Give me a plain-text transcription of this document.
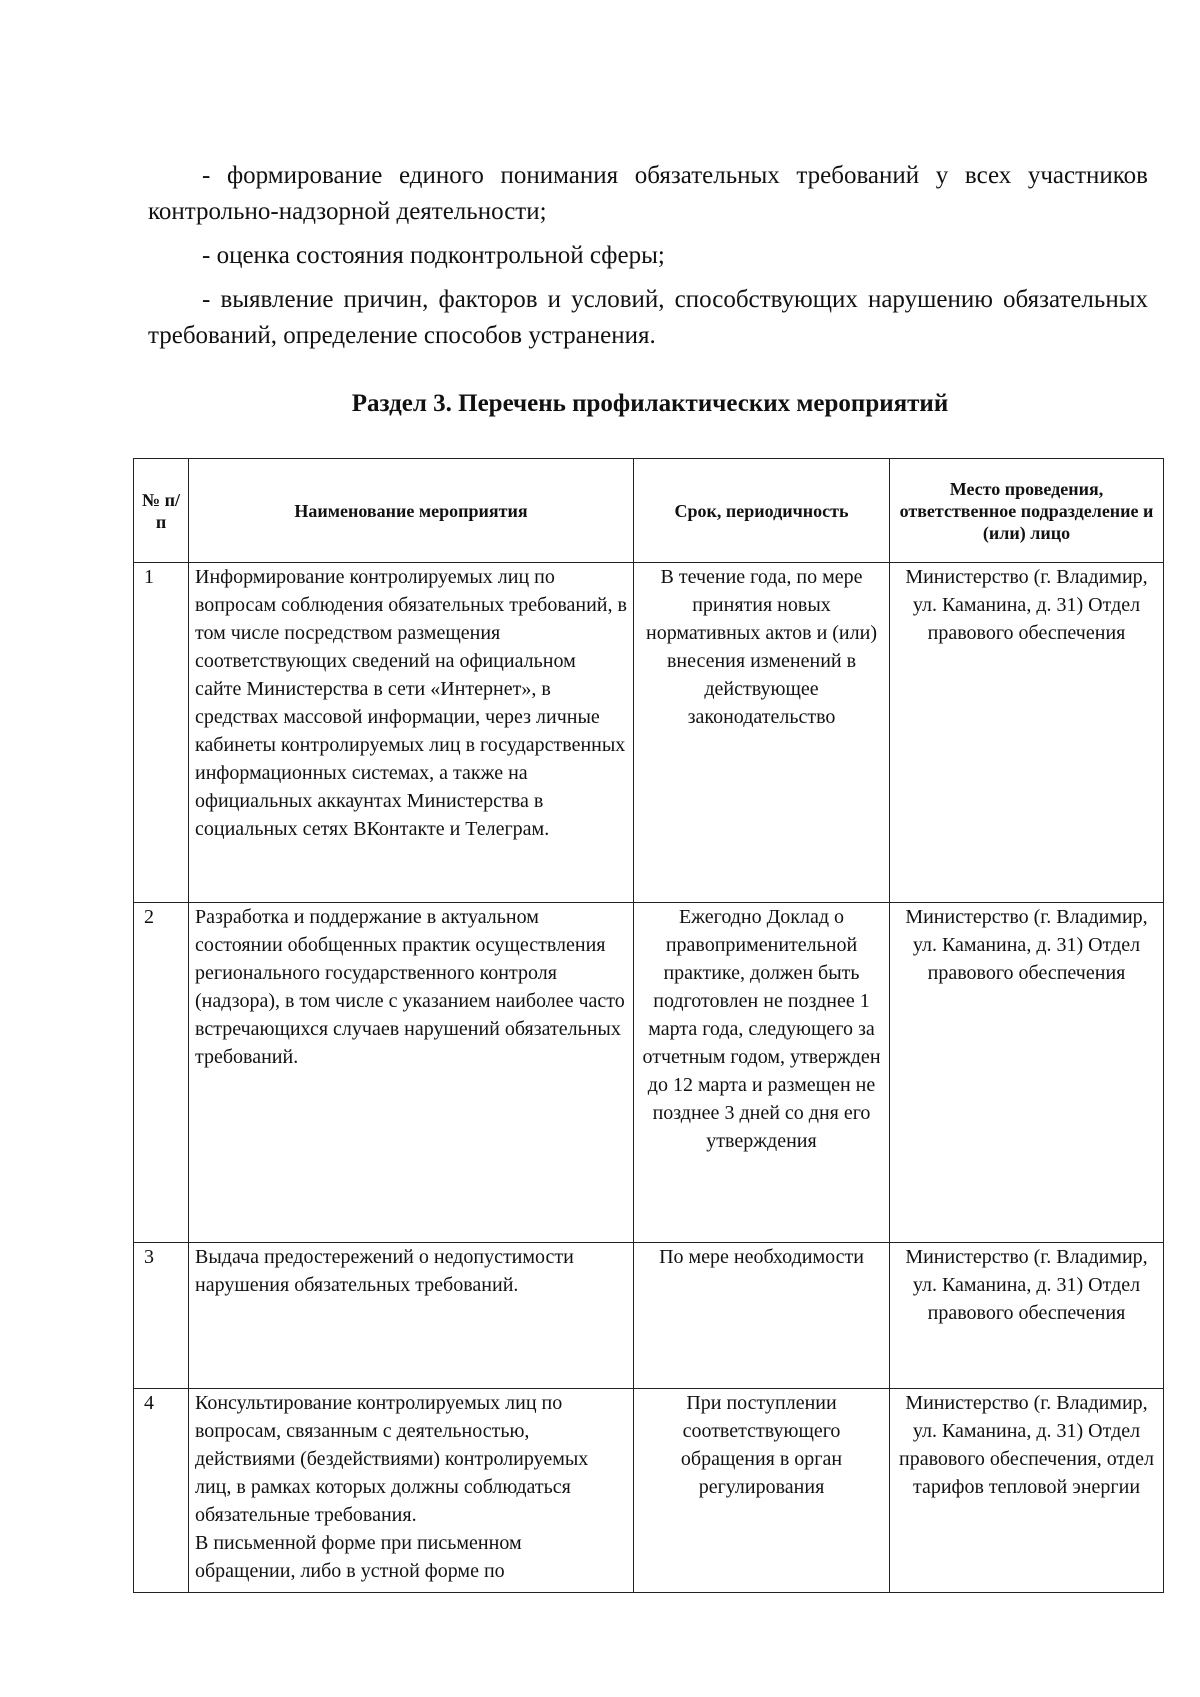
- формирование единого понимания обязательных требований у всех участников контрольно-надзорной деятельности;

- оценка состояния подконтрольной сферы;

- выявление причин, факторов и условий, способствующих нарушению обязательных требований, определение способов устранения.

Раздел 3. Перечень профилактических мероприятий
№ п/п	Наименование мероприятия	Срок, периодичность	Место проведения, ответственное подразделение и (или) лицо
1	Информирование контролируемых лиц по вопросам соблюдения обязательных требований, в том числе посредством размещения соответствующих сведений на официальном сайте Министерства в сети «Интернет», в средствах массовой информации, через личные кабинеты контролируемых лиц в государственных информационных системах, а также на официальных аккаунтах Министерства в социальных сетях ВКонтакте и Телеграм.	В течение года, по мере принятия новых нормативных актов и (или) внесения изменений в действующее законодательство	Министерство (г. Владимир, ул. Каманина, д. 31) Отдел правового обеспечения
2	Разработка и поддержание в актуальном состоянии обобщенных практик осуществления регионального государственного контроля (надзора), в том числе с указанием наиболее часто встречающихся случаев нарушений обязательных требований.	Ежегодно Доклад о правоприменительной практике, должен быть подготовлен не позднее 1 марта года, следующего за отчетным годом, утвержден до 12 марта и размещен не позднее 3 дней со дня его утверждения	Министерство (г. Владимир, ул. Каманина, д. 31) Отдел правового обеспечения
3	Выдача предостережений о недопустимости нарушения обязательных требований.	По мере необходимости	Министерство (г. Владимир, ул. Каманина, д. 31) Отдел правового обеспечения
4	Консультирование контролируемых лиц по вопросам, связанным с деятельностью, действиями (бездействиями) контролируемых лиц, в рамках которых должны соблюдаться обязательные требования.
В письменной форме при письменном обращении, либо в устной форме по	При поступлении соответствующего обращения в орган регулирования	Министерство (г. Владимир, ул. Каманина, д. 31) Отдел правового обеспечения, отдел тарифов тепловой энергии
